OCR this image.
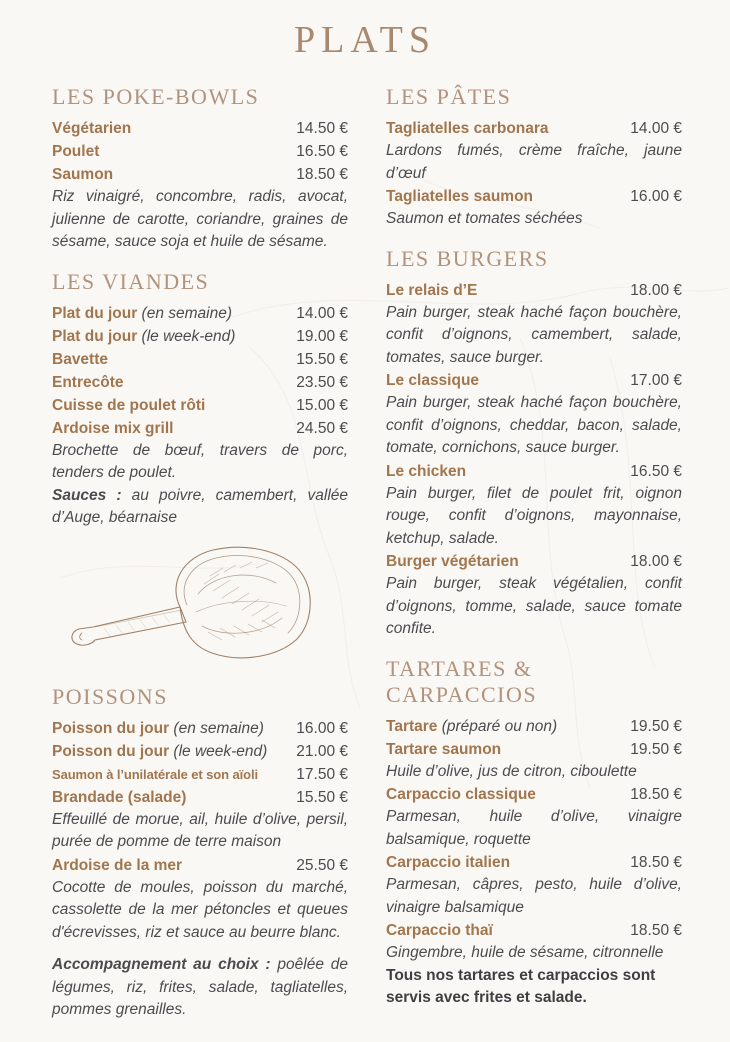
PLATS
LES POKE-BOWLS
Végétarien	14.50 €
Poulet	16.50 €
Saumon	18.50 €

Riz vinaigré, concombre, radis, avocat, julienne de carotte, coriandre, graines de sésame, sauce soja et huile de sésame.

LES VIANDES
Plat du jour (en semaine)	14.00 €
Plat du jour (le week-end)	19.00 €
Bavette	15.50 €
Entrecôte	23.50 €
Cuisse de poulet rôti	15.00 €
Ardoise mix grill	24.50 €

Brochette de bœuf, travers de porc, tenders de poulet.

Sauces : au poivre, camembert, vallée d’Auge, béarnaise

POISSONS
Poisson du jour (en semaine)	16.00 €
Poisson du jour (le week-end)	21.00 €
Saumon à l’unilatérale et son aïoli	17.50 €
Brandade (salade)	15.50 €

Effeuillé de morue, ail, huile d’olive, persil, purée de pomme de terre maison

Ardoise de la mer	25.50 €

Cocotte de moules, poisson du marché, cassolette de la mer pétoncles et queues d'écrevisses, riz et sauce au beurre blanc.

Accompagnement au choix : poêlée de légumes, riz, frites, salade, tagliatelles, pommes grenailles.

LES PÂTES
Tagliatelles carbonara	14.00 €

Lardons fumés, crème fraîche, jaune d’œuf

Tagliatelles saumon	16.00 €

Saumon et tomates séchées

LES BURGERS
Le relais d’E	18.00 €

Pain burger, steak haché façon bouchère, confit d’oignons, camembert, salade, tomates, sauce burger.

Le classique	17.00 €

Pain burger, steak haché façon bouchère, confit d’oignons, cheddar, bacon, salade, tomate, cornichons, sauce burger.

Le chicken	16.50 €

Pain burger, filet de poulet frit, oignon rouge, confit d’oignons, mayonnaise, ketchup, salade.

Burger végétarien	18.00 €

Pain burger, steak végétalien, confit d’oignons, tomme, salade, sauce tomate confite.

TARTARES & CARPACCIOS
Tartare (préparé ou non)	19.50 €
Tartare saumon	19.50 €

Huile d’olive, jus de citron, ciboulette

Carpaccio classique	18.50 €

Parmesan, huile d’olive, vinaigre balsamique, roquette

Carpaccio italien	18.50 €

Parmesan, câpres, pesto, huile d’olive, vinaigre balsamique

Carpaccio thaï	18.50 €

Gingembre, huile de sésame, citronnelle

Tous nos tartares et carpaccios sont servis avec frites et salade.
